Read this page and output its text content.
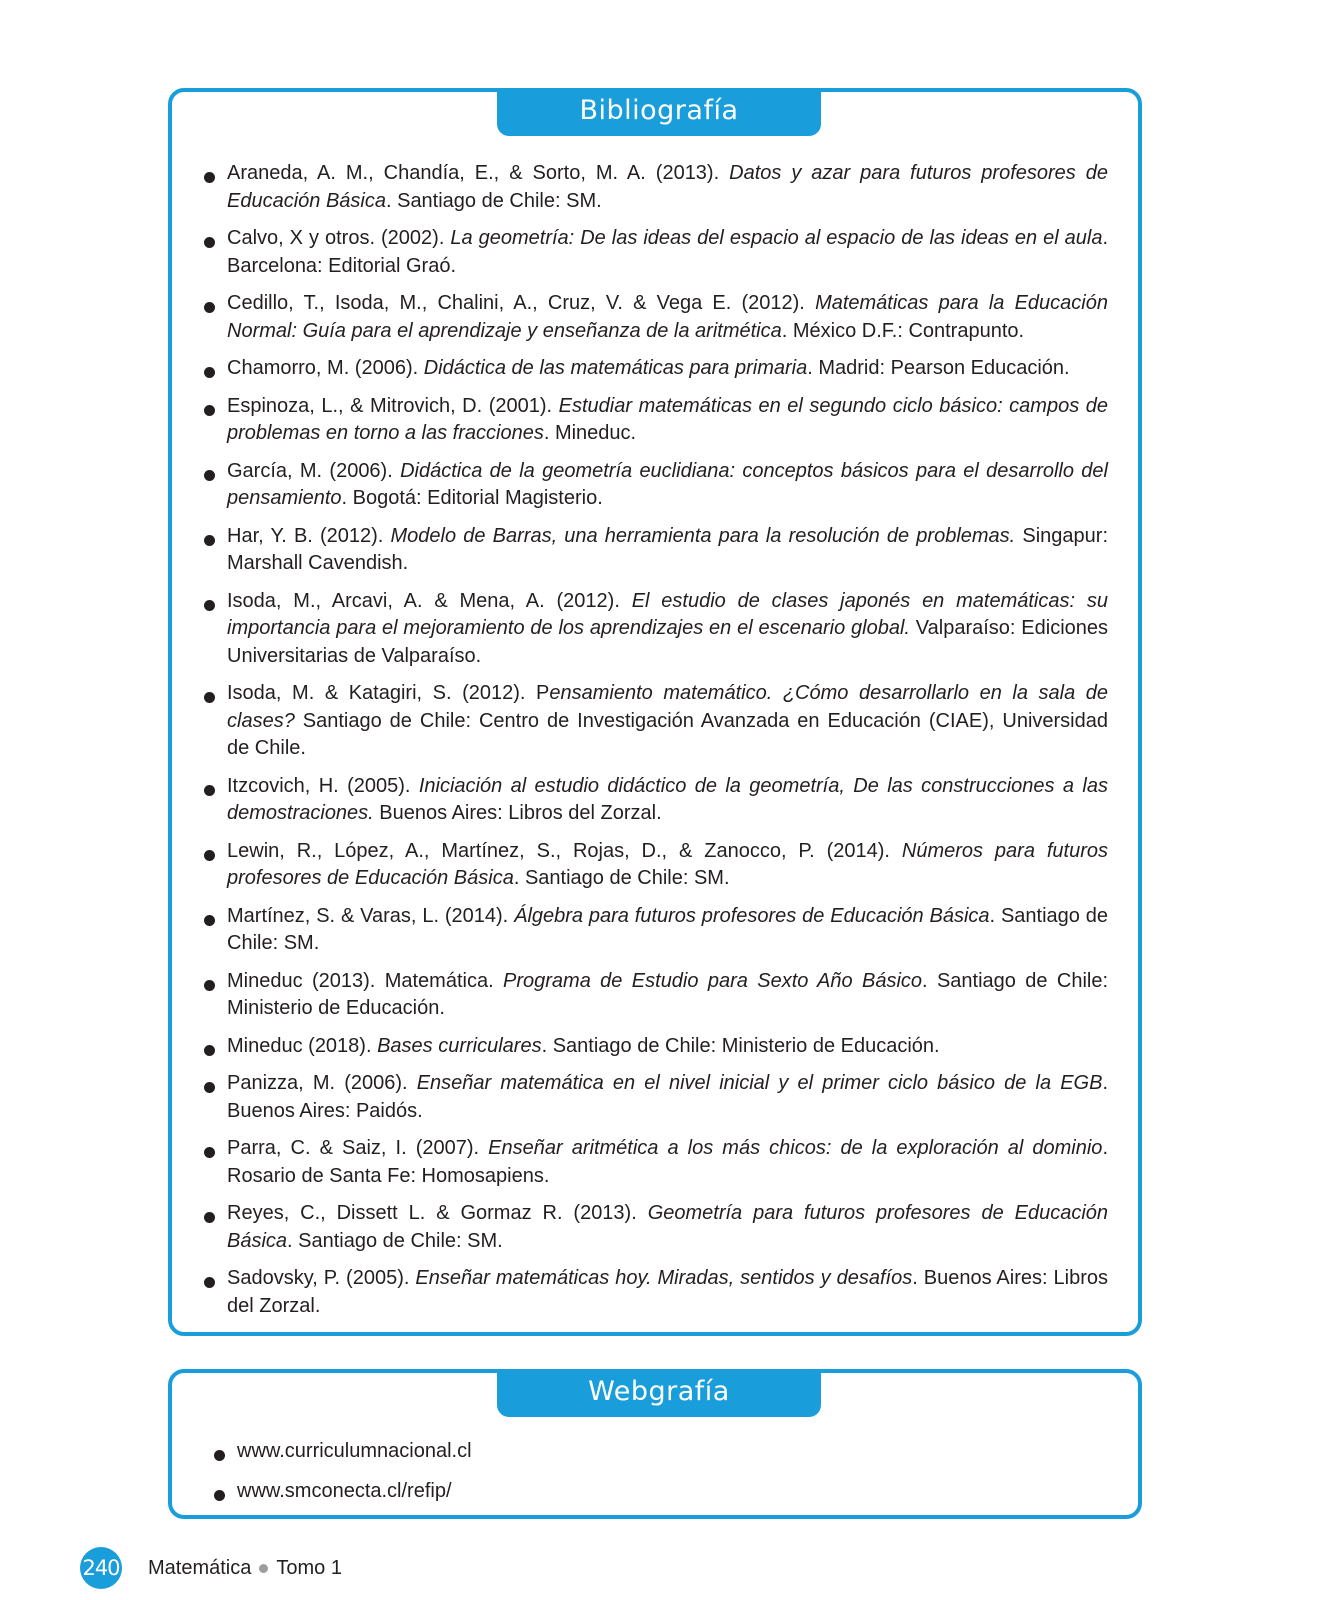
Bibliografía
Araneda, A. M., Chandía, E., & Sorto, M. A. (2013). Datos y azar para futuros profesores de Educación Básica. Santiago de Chile: SM.
Calvo, X y otros. (2002). La geometría: De las ideas del espacio al espacio de las ideas en el aula. Barcelona: Editorial Graó.
Cedillo, T., Isoda, M., Chalini, A., Cruz, V. & Vega E. (2012). Matemáticas para la Educación Normal: Guía para el aprendizaje y enseñanza de la aritmética. México D.F.: Contrapunto.
Chamorro, M. (2006). Didáctica de las matemáticas para primaria. Madrid: Pearson Educación.
Espinoza, L., & Mitrovich, D. (2001). Estudiar matemáticas en el segundo ciclo básico: campos de problemas en torno a las fracciones. Mineduc.
García, M. (2006). Didáctica de la geometría euclidiana: conceptos básicos para el desarrollo del pensamiento. Bogotá: Editorial Magisterio.
Har, Y. B. (2012). Modelo de Barras, una herramienta para la resolución de problemas. Singapur: Marshall Cavendish.
Isoda, M., Arcavi, A. & Mena, A. (2012). El estudio de clases japonés en matemáticas: su importancia para el mejoramiento de los aprendizajes en el escenario global. Valparaíso: Ediciones Universitarias de Valparaíso.
Isoda, M. & Katagiri, S. (2012). Pensamiento matemático. ¿Cómo desarrollarlo en la sala de clases? Santiago de Chile: Centro de Investigación Avanzada en Educación (CIAE), Universidad de Chile.
Itzcovich, H. (2005). Iniciación al estudio didáctico de la geometría, De las construcciones a las demostraciones. Buenos Aires: Libros del Zorzal.
Lewin, R., López, A., Martínez, S., Rojas, D., & Zanocco, P. (2014). Números para futuros profesores de Educación Básica. Santiago de Chile: SM.
Martínez, S. & Varas, L. (2014). Álgebra para futuros profesores de Educación Básica. Santiago de Chile: SM.
Mineduc (2013). Matemática. Programa de Estudio para Sexto Año Básico. Santiago de Chile: Ministerio de Educación.
Mineduc (2018). Bases curriculares. Santiago de Chile: Ministerio de Educación.
Panizza, M. (2006). Enseñar matemática en el nivel inicial y el primer ciclo básico de la EGB. Buenos Aires: Paidós.
Parra, C. & Saiz, I. (2007). Enseñar aritmética a los más chicos: de la exploración al dominio. Rosario de Santa Fe: Homosapiens.
Reyes, C., Dissett L. & Gormaz R. (2013). Geometría para futuros profesores de Educación Básica. Santiago de Chile: SM.
Sadovsky, P. (2005). Enseñar matemáticas hoy. Miradas, sentidos y desafíos. Buenos Aires: Libros del Zorzal.
Webgrafía
www.curriculumnacional.cl
www.smconecta.cl/refip/
240 Matemática Tomo 1
